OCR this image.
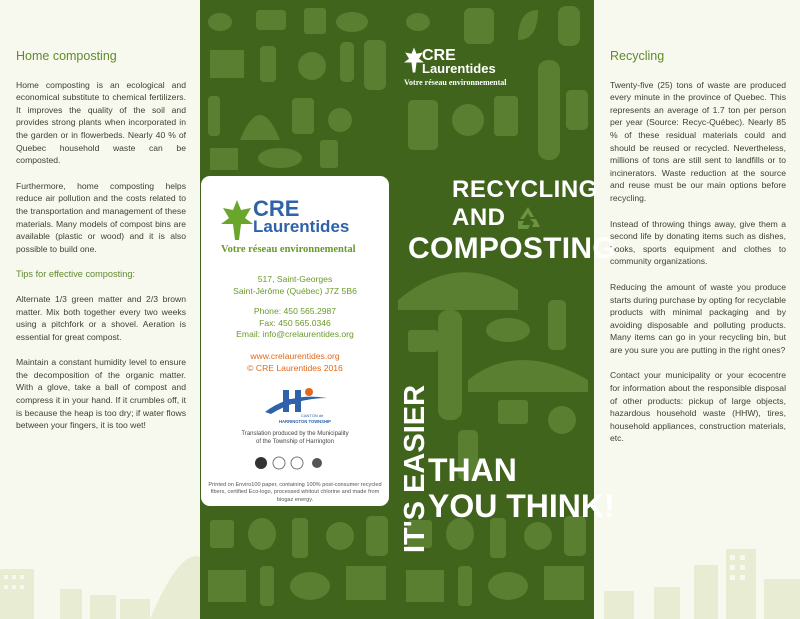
Home composting

Home composting is an ecological and economical substitute to chemical fertilizers. It improves the quality of the soil and provides strong plants when incorporated in the garden or in flowerbeds. Nearly 40 % of Quebec household waste can be composted.

Furthermore, home composting helps reduce air pollution and the costs related to the transportation and management of these materials. Many models of compost bins are available (plastic or wood) and it is also possible to build one.

Tips for effective composting:

Alternate 1/3 green matter and 2/3 brown matter. Mix both together every two weeks using a pitchfork or a shovel. Aeration is essential for great compost.

Maintain a constant humidity level to ensure the decomposition of the organic matter. With a glove, take a ball of compost and compress it in your hand. If it crumbles off, it is because the heap is too dry; if water flows between your fingers, it is too wet!

Recycling

Twenty-five (25) tons of waste are produced every minute in the province of Quebec. This represents an average of 1.7 ton per person per year (Source: Recyc-Québec). Nearly 85 % of these residual materials could and should be reused or recycled. Nevertheless, millions of tons are still sent to landfills or to incinerators. Waste reduction at the source and reuse must be our main options before recycling.

Instead of throwing things away, give them a second life by donating items such as dishes, books, sports equipment and clothes to community organizations.

Reducing the amount of waste you produce starts during purchase by opting for recyclable products with minimal packaging and by avoiding disposable and polluting products. Many items can go in your recycling bin, but are you sure you are putting in the right ones?

Contact your municipality or your ecocentre for information about the responsible disposal of other products: pickup of large objects, hazardous household waste (HHW), tires, household appliances, construction materials, etc.

CRE
Laurentides
Votre réseau environnemental
517, Saint-Georges
Saint-Jérôme (Québec) J7Z 5B6
Phone: 450 565.2987
Fax: 450 565.0346
Email: info@crelaurentides.org
www.crelaurentides.org
© CRE Laurentides 2016
CANTON de
HARRINGTON TOWNSHIP
Translation produced by the Municipality
of the Township of Harrington
Printed on Enviro100 paper, containing 100% post-consumer recycled fibers, certified Eco-logo, processed whitout chlorine and made from biogaz energy.
CRE
Laurentides
Votre réseau environnemental
RECYCLING
AND
COMPOSTING
IT'S EASIER
THAN
YOU THINK!
